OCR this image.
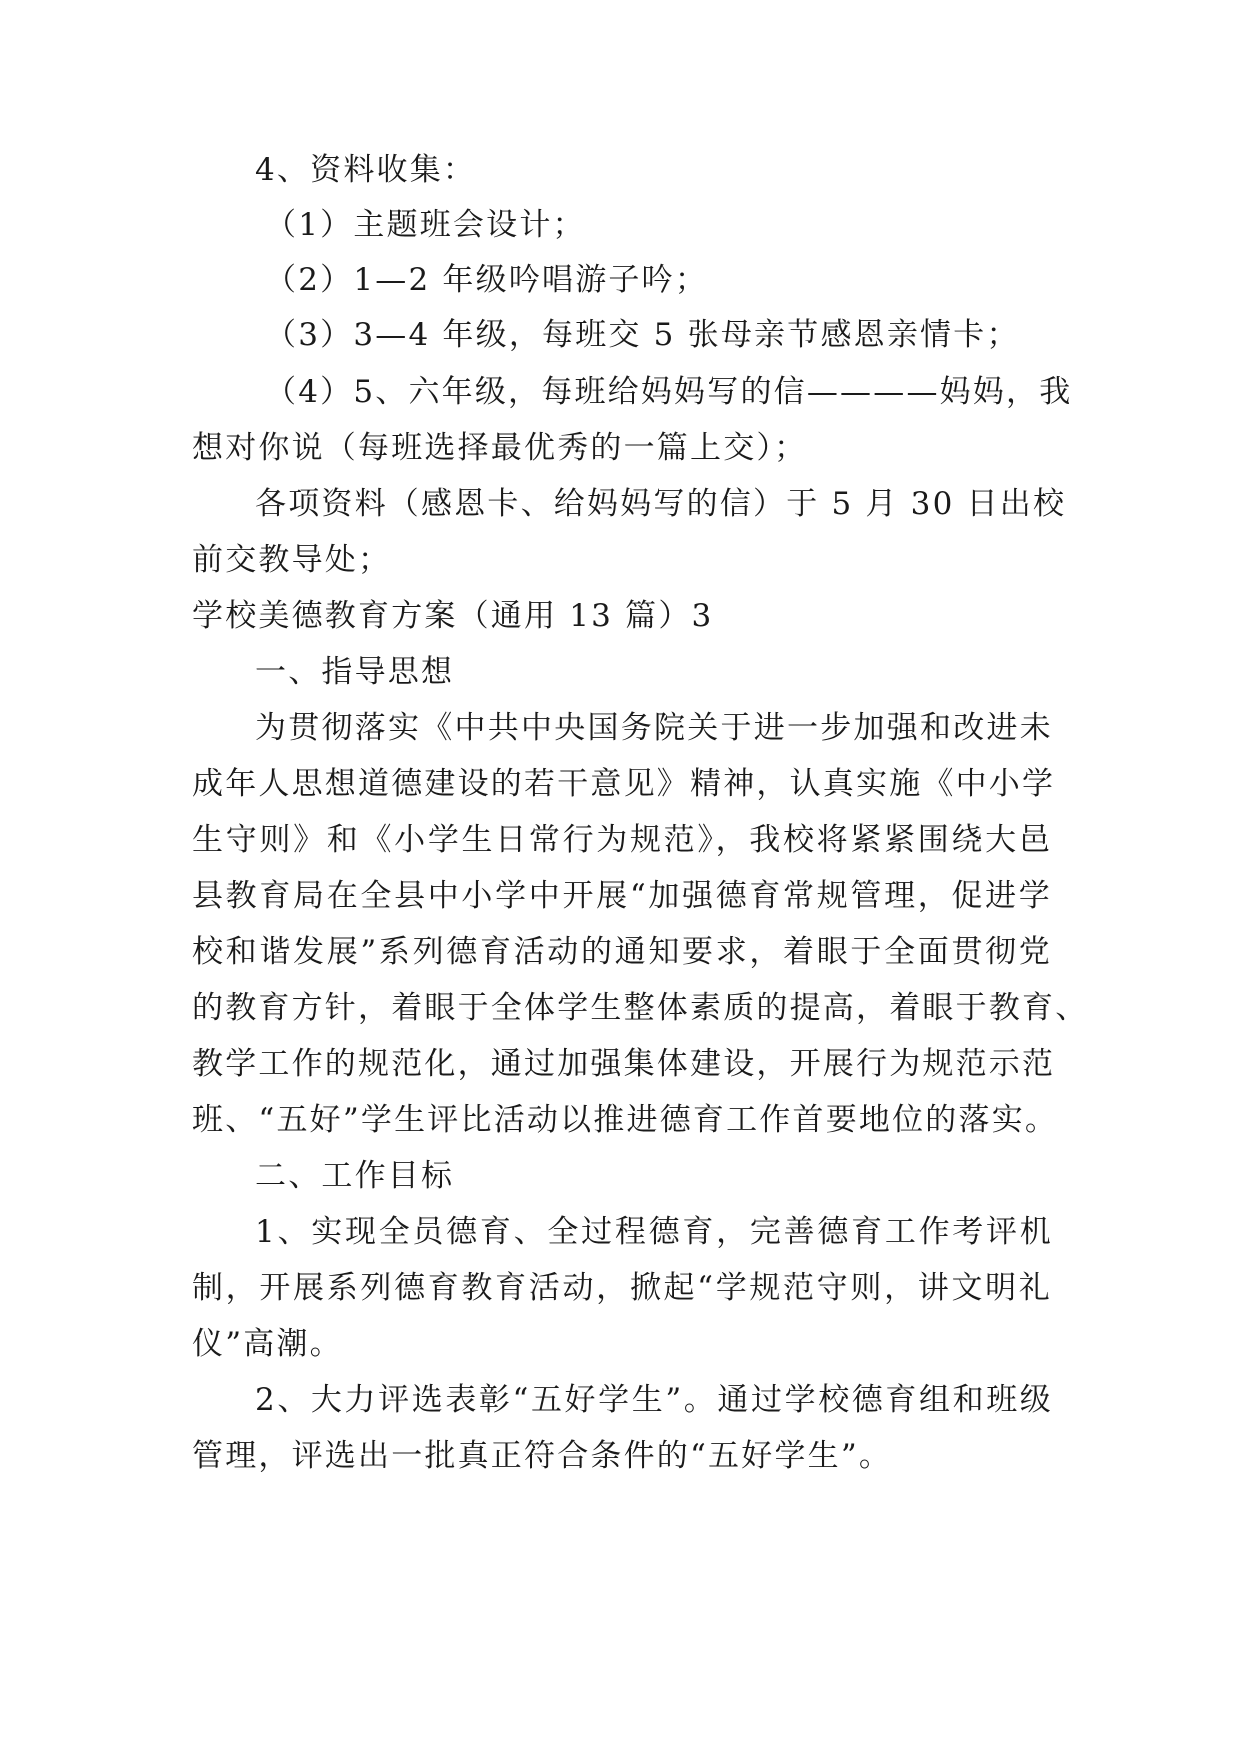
4、资料收集：
（1）主题班会设计；
（2）1—2 年级吟唱游子吟；
（3）3—4 年级，每班交 5 张母亲节感恩亲情卡；
（4）5、六年级，每班给妈妈写的信————妈妈，我
想对你说（每班选择最优秀的一篇上交）；
各项资料（感恩卡、给妈妈写的信）于 5 月 30 日出校
前交教导处；
学校美德教育方案（通用 13 篇）3
一、指导思想
为贯彻落实《中共中央国务院关于进一步加强和改进未
成年人思想道德建设的若干意见》精神，认真实施《中小学
生守则》和《小学生日常行为规范》，我校将紧紧围绕大邑
县教育局在全县中小学中开展“加强德育常规管理，促进学
校和谐发展”系列德育活动的通知要求，着眼于全面贯彻党
的教育方针，着眼于全体学生整体素质的提高，着眼于教育、
教学工作的规范化，通过加强集体建设，开展行为规范示范
班、“五好”学生评比活动以推进德育工作首要地位的落实。
二、工作目标
1、实现全员德育、全过程德育，完善德育工作考评机
制，开展系列德育教育活动，掀起“学规范守则，讲文明礼
仪”高潮。
2、大力评选表彰“五好学生”。通过学校德育组和班级
管理，评选出一批真正符合条件的“五好学生”。
